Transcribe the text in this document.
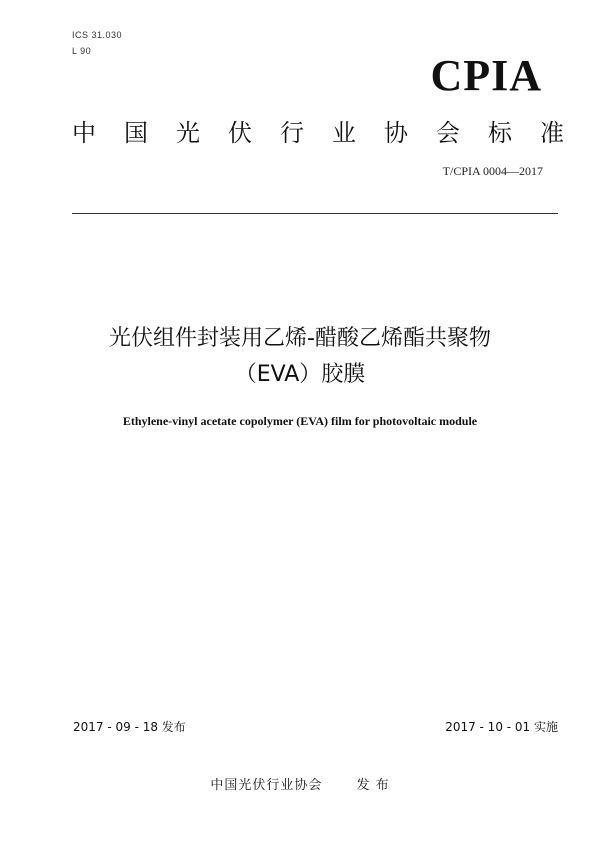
ICS 31.030
L 90	CPIA
中 国 光 伏 行 业 协 会 标 准
T/CPIA 0004—2017
光伏组件封装用乙烯-醋酸乙烯酯共聚物
（EVA）胶膜
Ethylene-vinyl acetate copolymer (EVA) film for photovoltaic module
2017 - 09 - 18 发布	2017 - 10 - 01 实施
中国光伏行业协会	发 布
